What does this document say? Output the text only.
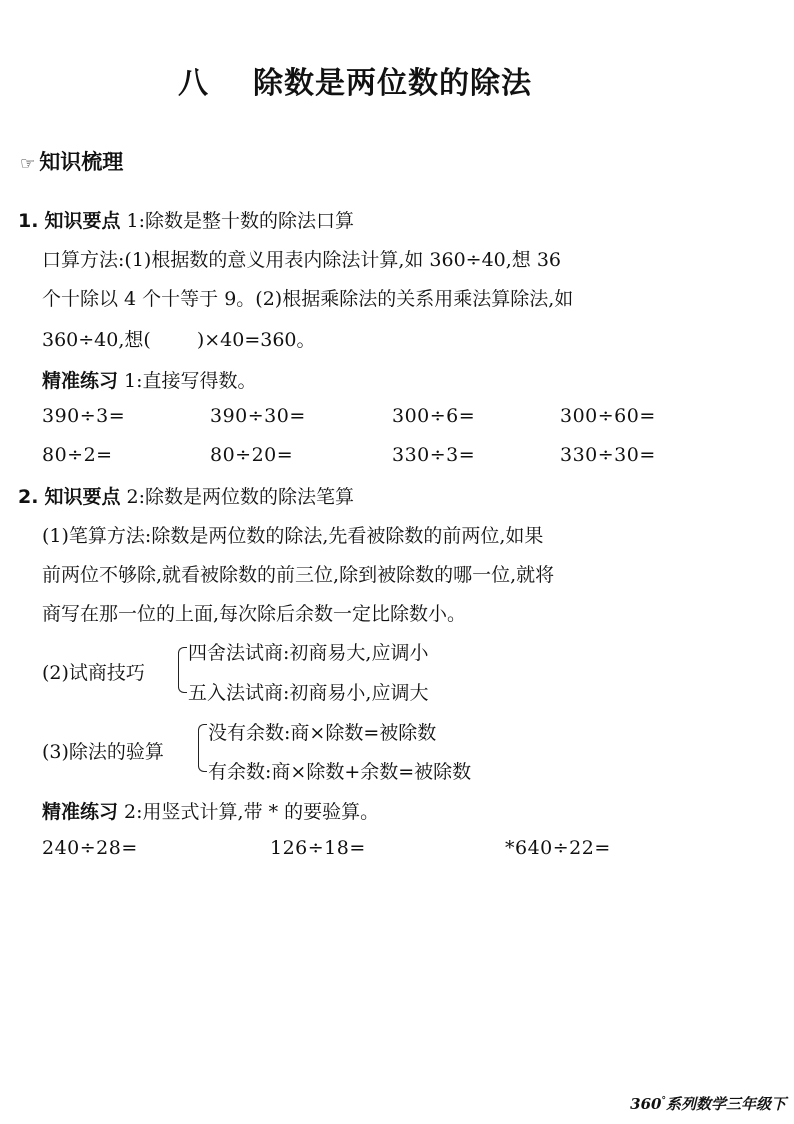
八 除数是两位数的除法
☞ 知识梳理
1. 知识要点 1:除数是整十数的除法口算
口算方法:(1)根据数的意义用表内除法计算,如 360÷40,想 36
个十除以 4 个十等于 9。(2)根据乘除法的关系用乘法算除法,如
360÷40,想( )×40=360。
精准练习 1:直接写得数。
390÷3=	390÷30=	300÷6=	300÷60=
80÷2=	80÷20=	330÷3=	330÷30=
2. 知识要点 2:除数是两位数的除法笔算
(1)笔算方法:除数是两位数的除法,先看被除数的前两位,如果
前两位不够除,就看被除数的前三位,除到被除数的哪一位,就将
商写在那一位的上面,每次除后余数一定比除数小。
(2)试商技巧
四舍法试商:初商易大,应调小
五入法试商:初商易小,应调大
(3)除法的验算
没有余数:商×除数=被除数
有余数:商×除数+余数=被除数
精准练习 2:用竖式计算,带 * 的要验算。
240÷28=	126÷18=	*640÷22=
360°系列数学三年级下
